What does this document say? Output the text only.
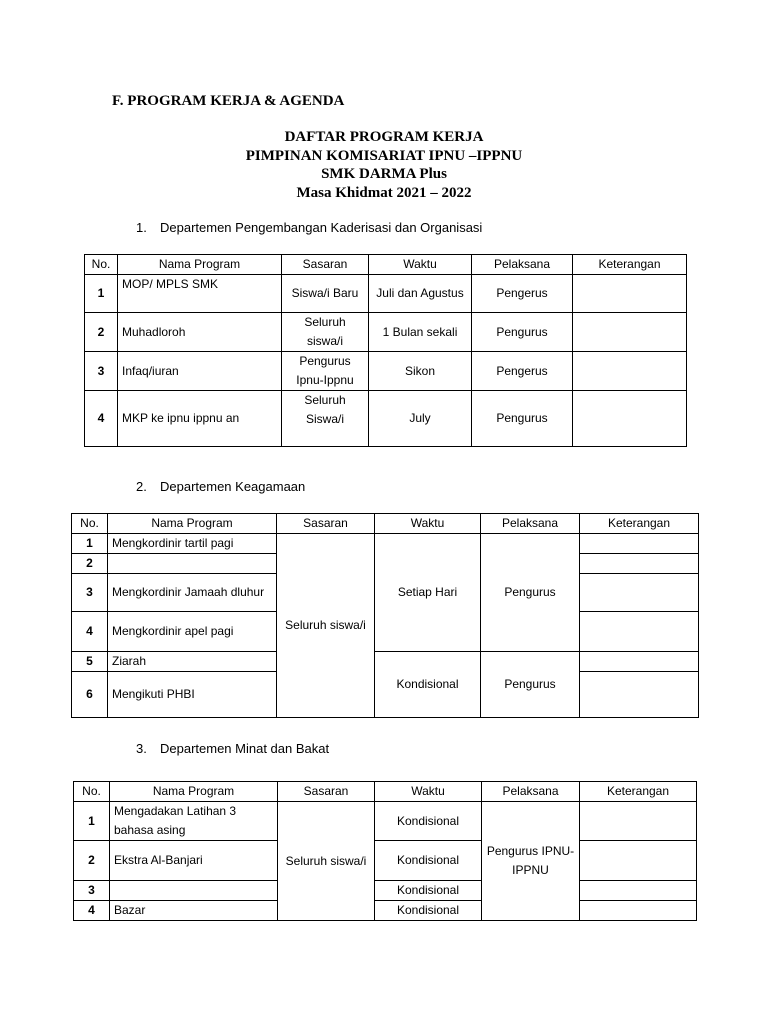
F. PROGRAM KERJA & AGENDA
DAFTAR PROGRAM KERJA
PIMPINAN KOMISARIAT IPNU –IPPNU
SMK DARMA Plus
Masa Khidmat 2021 – 2022
1. Departemen Pengembangan Kaderisasi dan Organisasi
No.	Nama Program	Sasaran	Waktu	Pelaksana	Keterangan
1	MOP/ MPLS SMK	Siswa/i Baru	Juli dan Agustus	Pengerus	
2	Muhadloroh	Seluruh siswa/i	1 Bulan sekali	Pengurus	
3	Infaq/iuran	Pengurus Ipnu-Ippnu	Sikon	Pengerus	
4	MKP ke ipnu ippnu an	Seluruh Siswa/i	July	Pengurus	
2. Departemen Keagamaan
No.	Nama Program	Sasaran	Waktu	Pelaksana	Keterangan
1	Mengkordinir tartil pagi	Seluruh siswa/i	Setiap Hari	Pengurus	
2					
3	Mengkordinir Jamaah dluhur				
4	Mengkordinir apel pagi				
5	Ziarah		Kondisional	Pengurus	
6	Mengikuti PHBI				
3. Departemen Minat dan Bakat
No.	Nama Program	Sasaran	Waktu	Pelaksana	Keterangan
1	Mengadakan Latihan 3 bahasa asing	Seluruh siswa/i	Kondisional	Pengurus IPNU-IPPNU	
2	Ekstra Al-Banjari		Kondisional		
3			Kondisional		
4	Bazar		Kondisional		
